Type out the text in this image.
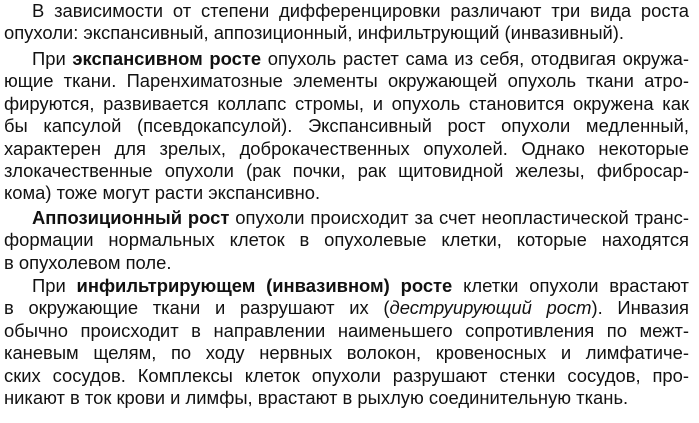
В зависимости от степени дифференцировки различают три вида роста
опухоли: экспансивный, аппозиционный, инфильтрующий (инвазивный).
При экспансивном росте опухоль растет сама из себя, отодвигая окружа-
ющие ткани. Паренхиматозные элементы окружающей опухоль ткани атро-
фируются, развивается коллапс стромы, и опухоль становится окружена как
бы капсулой (псевдокапсулой). Экспансивный рост опухоли медленный,
характерен для зрелых, доброкачественных опухолей. Однако некоторые
злокачественные опухоли (рак почки, рак щитовидной железы, фибросар-
кома) тоже могут расти экспансивно.
Аппозиционный рост опухоли происходит за счет неопластической транс-
формации нормальных клеток в опухолевые клетки, которые находятся
в опухолевом поле.
При инфильтрирующем (инвазивном) росте клетки опухоли врастают
в окружающие ткани и разрушают их (деструирующий рост). Инвазия
обычно происходит в направлении наименьшего сопротивления по межт-
каневым щелям, по ходу нервных волокон, кровеносных и лимфатиче-
ских сосудов. Комплексы клеток опухоли разрушают стенки сосудов, про-
никают в ток крови и лимфы, врастают в рыхлую соединительную ткань.
